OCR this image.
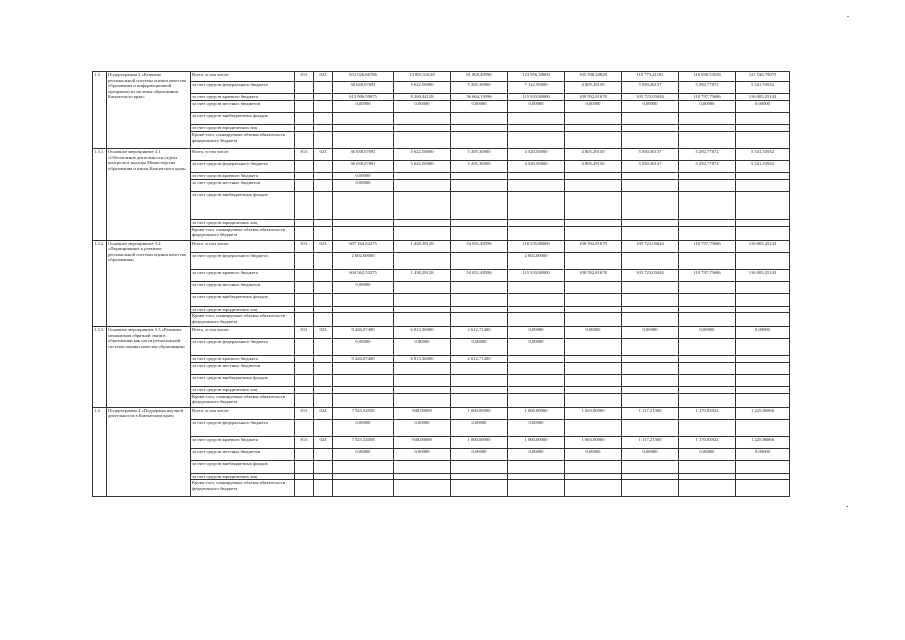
1.3.	Подпрограмма 3 «Развитие региональной системы оценки качества образования и информационной прозрачности системы образования Камчатского края»	Всего, в том числе:	813	023	652 026,66766	13 891,94128	61 869,49596	123 956,38000	105 398,20828	110 773,41181	116 090,53558	121 546,79075
		за счет средств федерального бюджета			38 640,07091	5 622,50000	5 205,30000	7 122,50000	4 805,29150	5 050,36137	5 292,77872	5 541,53932
		за счет средств краевого бюджета			613 986,59675	8 269,44128	56 664,19596	115 933,88000	100 592,81678	105 723,05044	110 797,75686	116 005,25143
		за счет средств местных бюджетов			0,00000	0,00000	0,00000	0,00000	0,00000	0,00000	0,00000	0,00000
		за счет средств внебюджетных фондов										
		за счет средств юридических лиц										
		Кроме того, планируемые объемы обязательств федерального бюджета										
1.3.1.	Основное мероприятие 3.1 «Обеспечение деятельности отдела контроля и надзора Министерства образования и науки Камчатского края»	Всего, в том числе:	813	023	36 038,07091	5 622,50000	5 205,30000	4 520,50000	4 805,29150	5 050,36137	5 292,77872	5 541,53932
		за счет средств федерального бюджета			36 038,07091	5 622,50000	5 205,30000	4 520,50000	4 805,29150	5 050,36137	5 292,77872	5 541,53932
		за счет средств краевого бюджета			0,00000							
		за счет средств местных бюджетов			0,00000							
		за счет средств внебюджетных фондов										
		за счет средств юридических лиц										
		Кроме того, планируемые объемы обязательств федерального бюджета										
1.3.2.	Основное мероприятие 3.2 «Формирование и развитие региональной системы оценки качества образования»	Всего, в том числе:	813	023	607 164,52275	1 438,28128	54 051,48596	118 535,88000	100 592,81678	105 723,05044	110 797,75686	116 005,25143
		за счет средств федерального бюджета			2 602,00000			2 602,00000				
		за счет средств краевого бюджета			604 562,52275	1 438,28128	54 051,48596	115 933,88000	100 592,81678	105 723,05044	110 797,75686	116 005,25143
		за счет средств местных бюджетов			0,00000							
		за счет средств внебюджетных фондов										
		за счет средств юридических лиц										
		Кроме того, планируемые объемы обязательств федерального бюджета										
1.3.3.	Основное мероприятие 3.3 «Развитие механизмов обратной связи в образовании как части региональной системы оценки качества образования»	Всего, в том числе:	813	023	9 426,07400	6 813,36000	2 612,71400	0,00000	0,00000	0,00000	0,00000	0,00000
		за счет средств федерального бюджета			0,00000	0,00000	0,00000	0,00000				
		за счет средств краевого бюджета			9 426,07400	6 813,36000	2 612,71400					
		за счет средств местных бюджетов										
		за счет средств внебюджетных фондов										
		за счет средств юридических лиц										
		Кроме того, планируемые объемы обязательств федерального бюджета										
1.4.	Подпрограмма 4 «Поддержка научной деятельности в Камчатском крае»	Всего, в том числе:	813	024	7 525,32058	948,00000	1 060,00000	1 060,00000	1 063,00000	1 117,21300	1 170,83922	1 225,86866
		за счет средств федерального бюджета			0,00000	0,00000	0,00000	0,00000				
		за счет средств краевого бюджета	813	024	7 525,32058	948,00000	1 060,00000	1 060,00000	1 063,00000	1 117,21300	1 170,83922	1 225,86866
		за счет средств местных бюджетов			0,00000	0,00000	0,00000	0,00000	0,00000	0,00000	0,00000	0,00000
		за счет средств внебюджетных фондов										
		за счет средств юридических лиц										
		Кроме того, планируемые объемы обязательств федерального бюджета										
